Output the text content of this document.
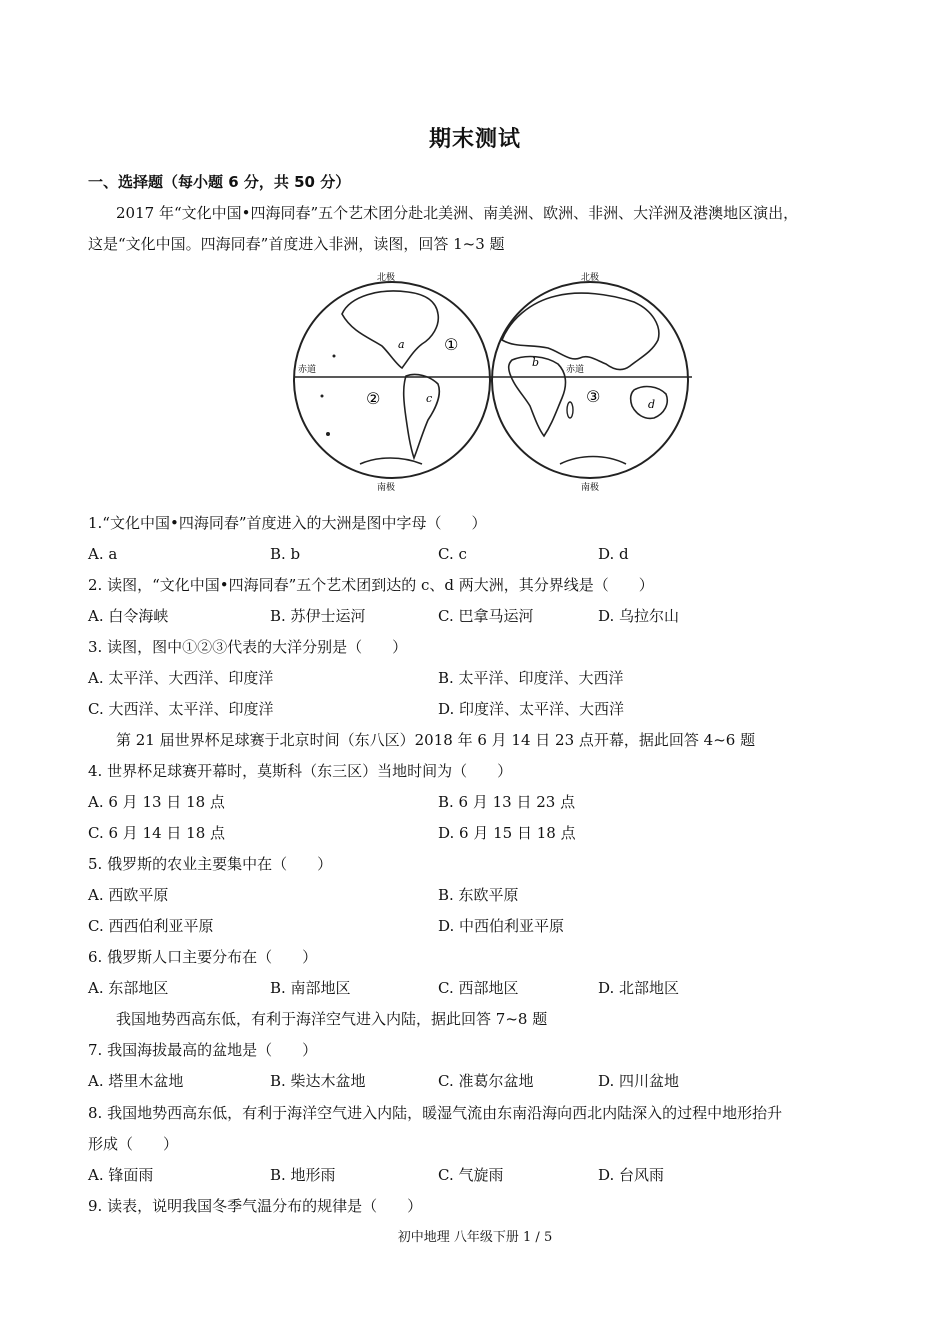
期末测试
一、选择题（每小题 6 分，共 50 分）
2017 年“文化中国•四海同春”五个艺术团分赴北美洲、南美洲、欧洲、非洲、大洋洲及港澳地区演出，
这是“文化中国。四海同春”首度进入非洲，读图，回答 1~3 题
北极	北极
南极	南极
赤道	赤道
a
b
c	d
①
②	③
1.“文化中国•四海同春”首度进入的大洲是图中字母（　　）
A. a	B. b	C. c	D. d
2. 读图，“文化中国•四海同春”五个艺术团到达的 c、d 两大洲，其分界线是（　　）
A. 白令海峡	B. 苏伊士运河	C. 巴拿马运河	D. 乌拉尔山
3. 读图，图中①②③代表的大洋分别是（　　）
A. 太平洋、大西洋、印度洋	B. 太平洋、印度洋、大西洋
C. 大西洋、太平洋、印度洋	D. 印度洋、太平洋、大西洋
第 21 届世界杯足球赛于北京时间（东八区）2018 年 6 月 14 日 23 点开幕，据此回答 4~6 题
4. 世界杯足球赛开幕时，莫斯科（东三区）当地时间为（　　）
A. 6 月 13 日 18 点	B. 6 月 13 日 23 点
C. 6 月 14 日 18 点	D. 6 月 15 日 18 点
5. 俄罗斯的农业主要集中在（　　）
A. 西欧平原	B. 东欧平原
C. 西西伯利亚平原	D. 中西伯利亚平原
6. 俄罗斯人口主要分布在（　　）
A. 东部地区	B. 南部地区	C. 西部地区	D. 北部地区
我国地势西高东低，有利于海洋空气进入内陆，据此回答 7~8 题
7. 我国海拔最高的盆地是（　　）
A. 塔里木盆地	B. 柴达木盆地	C. 准葛尔盆地	D. 四川盆地
8. 我国地势西高东低，有利于海洋空气进入内陆，暖湿气流由东南沿海向西北内陆深入的过程中地形抬升
形成（　　）
A. 锋面雨	B. 地形雨	C. 气旋雨	D. 台风雨
9. 读表，说明我国冬季气温分布的规律是（　　）
初中地理 八年级下册 1 / 5
